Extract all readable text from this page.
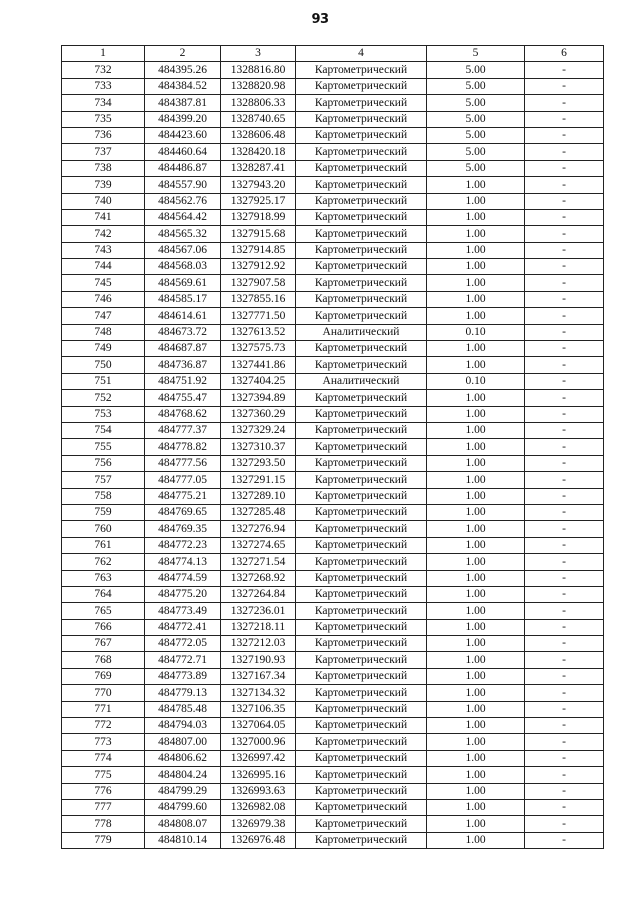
93
1	2	3	4	5	6
732	484395.26	1328816.80	Картометрический	5.00	-
733	484384.52	1328820.98	Картометрический	5.00	-
734	484387.81	1328806.33	Картометрический	5.00	-
735	484399.20	1328740.65	Картометрический	5.00	-
736	484423.60	1328606.48	Картометрический	5.00	-
737	484460.64	1328420.18	Картометрический	5.00	-
738	484486.87	1328287.41	Картометрический	5.00	-
739	484557.90	1327943.20	Картометрический	1.00	-
740	484562.76	1327925.17	Картометрический	1.00	-
741	484564.42	1327918.99	Картометрический	1.00	-
742	484565.32	1327915.68	Картометрический	1.00	-
743	484567.06	1327914.85	Картометрический	1.00	-
744	484568.03	1327912.92	Картометрический	1.00	-
745	484569.61	1327907.58	Картометрический	1.00	-
746	484585.17	1327855.16	Картометрический	1.00	-
747	484614.61	1327771.50	Картометрический	1.00	-
748	484673.72	1327613.52	Аналитический	0.10	-
749	484687.87	1327575.73	Картометрический	1.00	-
750	484736.87	1327441.86	Картометрический	1.00	-
751	484751.92	1327404.25	Аналитический	0.10	-
752	484755.47	1327394.89	Картометрический	1.00	-
753	484768.62	1327360.29	Картометрический	1.00	-
754	484777.37	1327329.24	Картометрический	1.00	-
755	484778.82	1327310.37	Картометрический	1.00	-
756	484777.56	1327293.50	Картометрический	1.00	-
757	484777.05	1327291.15	Картометрический	1.00	-
758	484775.21	1327289.10	Картометрический	1.00	-
759	484769.65	1327285.48	Картометрический	1.00	-
760	484769.35	1327276.94	Картометрический	1.00	-
761	484772.23	1327274.65	Картометрический	1.00	-
762	484774.13	1327271.54	Картометрический	1.00	-
763	484774.59	1327268.92	Картометрический	1.00	-
764	484775.20	1327264.84	Картометрический	1.00	-
765	484773.49	1327236.01	Картометрический	1.00	-
766	484772.41	1327218.11	Картометрический	1.00	-
767	484772.05	1327212.03	Картометрический	1.00	-
768	484772.71	1327190.93	Картометрический	1.00	-
769	484773.89	1327167.34	Картометрический	1.00	-
770	484779.13	1327134.32	Картометрический	1.00	-
771	484785.48	1327106.35	Картометрический	1.00	-
772	484794.03	1327064.05	Картометрический	1.00	-
773	484807.00	1327000.96	Картометрический	1.00	-
774	484806.62	1326997.42	Картометрический	1.00	-
775	484804.24	1326995.16	Картометрический	1.00	-
776	484799.29	1326993.63	Картометрический	1.00	-
777	484799.60	1326982.08	Картометрический	1.00	-
778	484808.07	1326979.38	Картометрический	1.00	-
779	484810.14	1326976.48	Картометрический	1.00	-
